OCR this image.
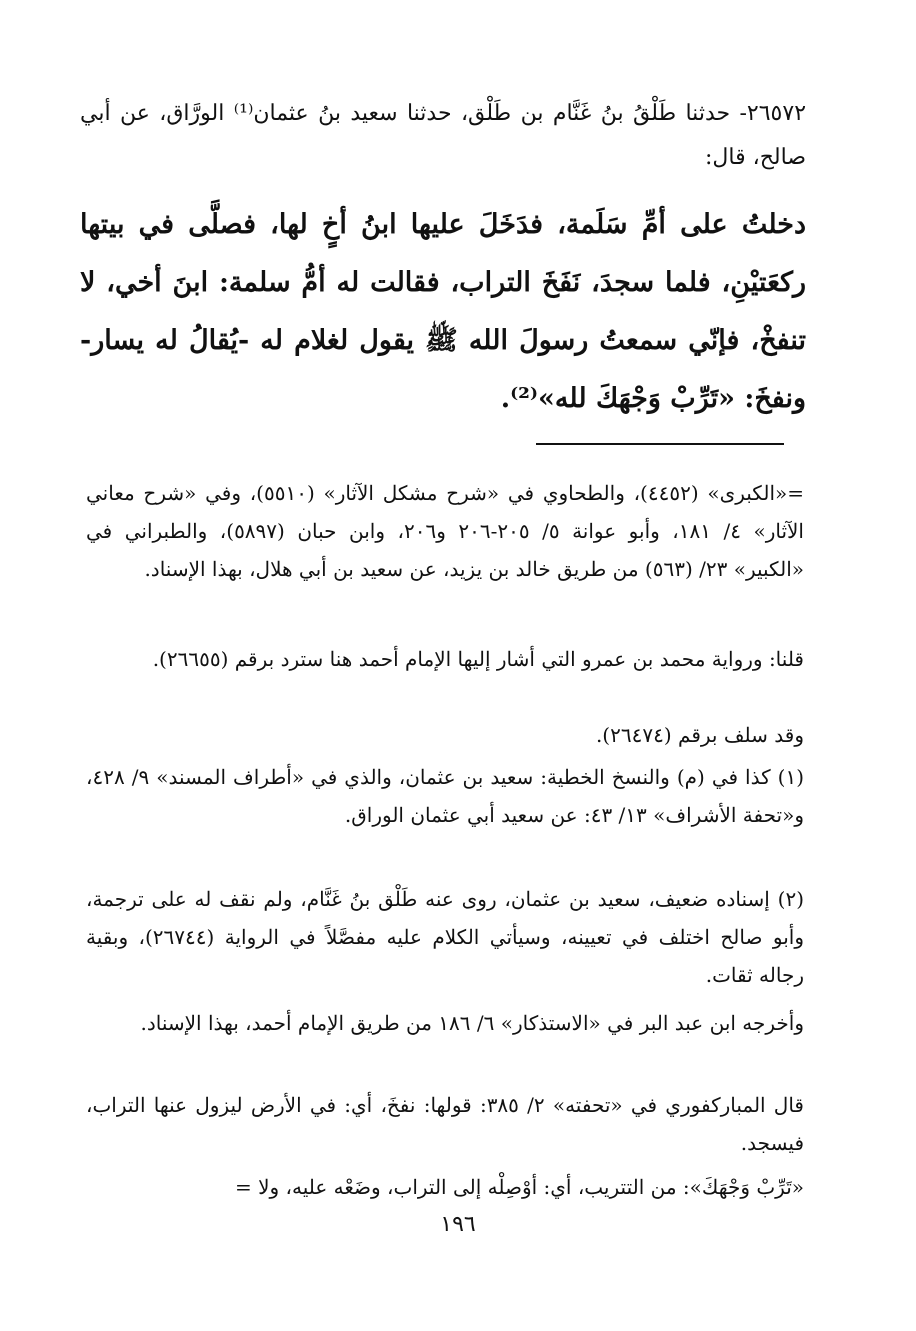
٢٦٥٧٢- حدثنا طَلْقُ بنُ غَنَّام بن طَلْق، حدثنا سعيد بنُ عثمان⁽¹⁾ الورَّاق، عن أبي صالح، قال:
دخلتُ على أمِّ سَلَمة، فدَخَلَ عليها ابنُ أخٍ لها، فصلَّى في بيتها ركعَتيْنِ، فلما سجدَ، نَفَخَ التراب، فقالت له أمُّ سلمة: ابنَ أخي، لا تنفخْ، فإنّي سمعتُ رسولَ الله ﷺ يقول لغلام له -يُقالُ له يسار- ونفخَ: «تَرِّبْ وَجْهَكَ لله»⁽²⁾.
=«الكبرى» (٤٤٥٢)، والطحاوي في «شرح مشكل الآثار» (٥٥١٠)، وفي «شرح معاني الآثار» ٤/ ١٨١، وأبو عوانة ٥/ ٢٠٥-٢٠٦ و٢٠٦، وابن حبان (٥٨٩٧)، والطبراني في «الكبير» ٢٣/ (٥٦٣) من طريق خالد بن يزيد، عن سعيد بن أبي هلال، بهذا الإسناد.
قلنا: ورواية محمد بن عمرو التي أشار إليها الإمام أحمد هنا سترد برقم (٢٦٦٥٥).
وقد سلف برقم (٢٦٤٧٤).
(١) كذا في (م) والنسخ الخطية: سعيد بن عثمان، والذي في «أطراف المسند» ٩/ ٤٢٨، و«تحفة الأشراف» ١٣/ ٤٣: عن سعيد أبي عثمان الوراق.
(٢) إسناده ضعيف، سعيد بن عثمان، روى عنه طَلْق بنُ غَنَّام، ولم نقف له على ترجمة، وأبو صالح اختلف في تعيينه، وسيأتي الكلام عليه مفصَّلاً في الرواية (٢٦٧٤٤)، وبقية رجاله ثقات.
وأخرجه ابن عبد البر في «الاستذكار» ٦/ ١٨٦ من طريق الإمام أحمد، بهذا الإسناد.
قال المباركفوري في «تحفته» ٢/ ٣٨٥: قولها: نفخَ، أي: في الأرض ليزول عنها التراب، فيسجد.
«تَرِّبْ وَجْهَكَ»: من التتريب، أي: أوْصِلْه إلى التراب، وضَعْه عليه، ولا =
١٩٦
